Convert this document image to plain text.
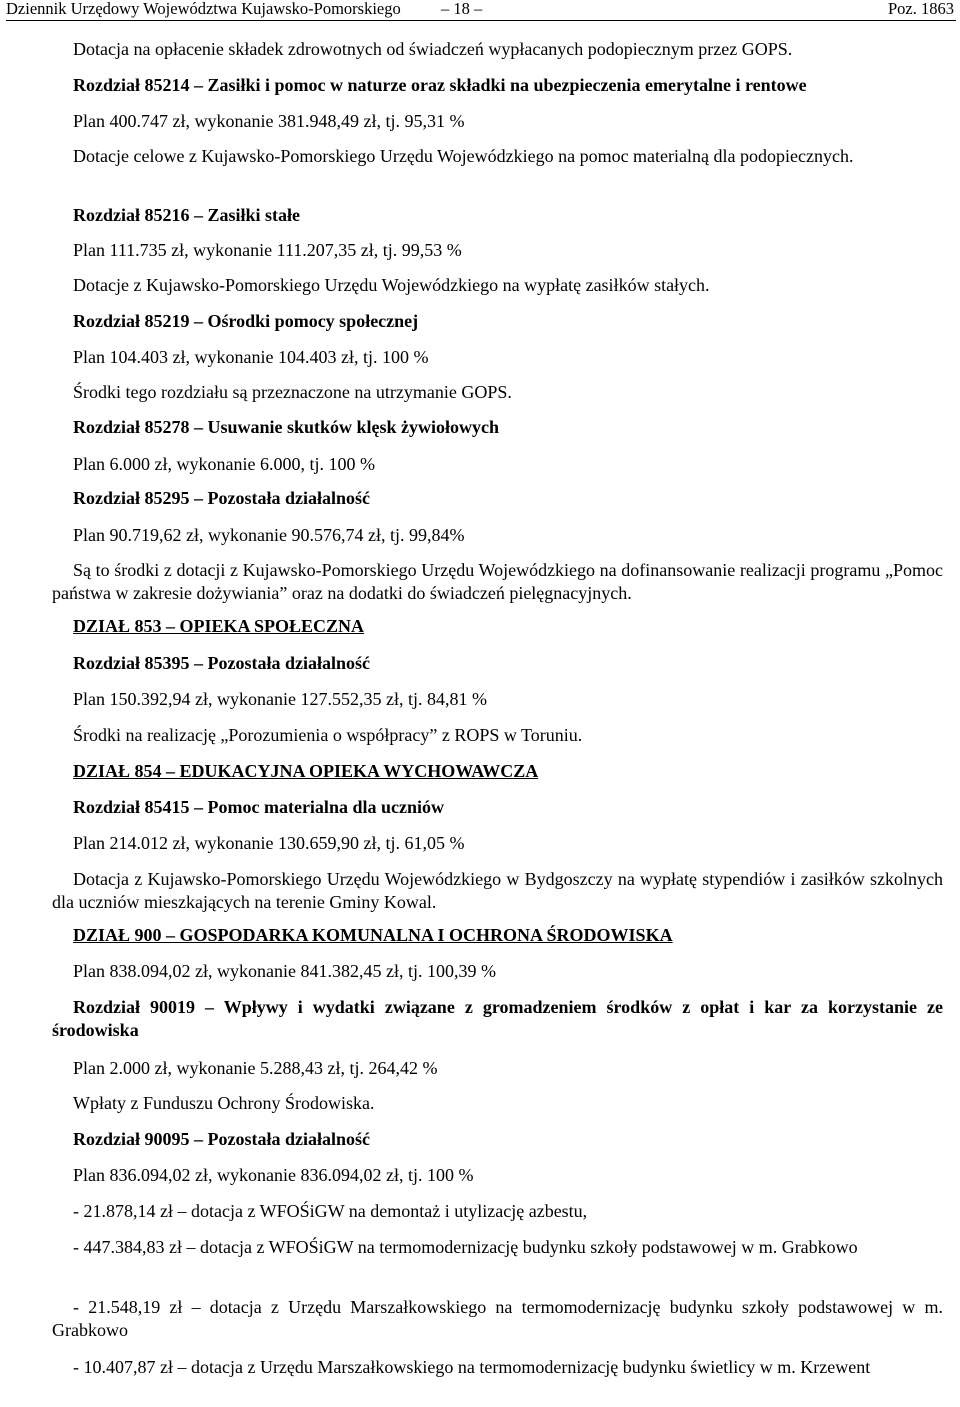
Dziennik Urzędowy Województwa Kujawsko-Pomorskiego – 18 –	Poz. 1863
Dotacja na opłacenie składek zdrowotnych od świadczeń wypłacanych podopiecznym przez GOPS.
Rozdział 85214 – Zasiłki i pomoc w naturze oraz składki na ubezpieczenia emerytalne i rentowe
Plan 400.747 zł, wykonanie 381.948,49 zł, tj. 95,31 %
Dotacje celowe z Kujawsko-Pomorskiego Urzędu Wojewódzkiego na pomoc materialną dla podopiecznych.
Rozdział 85216 – Zasiłki stałe
Plan 111.735 zł, wykonanie 111.207,35 zł, tj. 99,53 %
Dotacje z Kujawsko-Pomorskiego Urzędu Wojewódzkiego na wypłatę zasiłków stałych.
Rozdział 85219 – Ośrodki pomocy społecznej
Plan 104.403 zł, wykonanie 104.403 zł, tj. 100 %
Środki tego rozdziału są przeznaczone na utrzymanie GOPS.
Rozdział 85278 – Usuwanie skutków klęsk żywiołowych
Plan 6.000 zł, wykonanie 6.000, tj. 100 %
Rozdział 85295 – Pozostała działalność
Plan 90.719,62 zł, wykonanie 90.576,74 zł, tj. 99,84%
Są to środki z dotacji z Kujawsko-Pomorskiego Urzędu Wojewódzkiego na dofinansowanie realizacji programu „Pomoc państwa w zakresie dożywiania” oraz na dodatki do świadczeń pielęgnacyjnych.
DZIAŁ 853 – OPIEKA SPOŁECZNA
Rozdział 85395 – Pozostała działalność
Plan 150.392,94 zł, wykonanie 127.552,35 zł, tj. 84,81 %
Środki na realizację „Porozumienia o współpracy” z ROPS w Toruniu.
DZIAŁ 854 – EDUKACYJNA OPIEKA WYCHOWAWCZA
Rozdział 85415 – Pomoc materialna dla uczniów
Plan 214.012 zł, wykonanie 130.659,90 zł, tj. 61,05 %
Dotacja z Kujawsko-Pomorskiego Urzędu Wojewódzkiego w Bydgoszczy na wypłatę stypendiów i zasiłków szkolnych dla uczniów mieszkających na terenie Gminy Kowal.
DZIAŁ 900 – GOSPODARKA KOMUNALNA I OCHRONA ŚRODOWISKA
Plan 838.094,02 zł, wykonanie 841.382,45 zł, tj. 100,39 %
Rozdział 90019 – Wpływy i wydatki związane z gromadzeniem środków z opłat i kar za korzystanie ze środowiska
Plan 2.000 zł, wykonanie 5.288,43 zł, tj. 264,42 %
Wpłaty z Funduszu Ochrony Środowiska.
Rozdział 90095 – Pozostała działalność
Plan 836.094,02 zł, wykonanie 836.094,02 zł, tj. 100 %
- 21.878,14 zł – dotacja z WFOŚiGW na demontaż i utylizację azbestu,
- 447.384,83 zł – dotacja z WFOŚiGW na termomodernizację budynku szkoły podstawowej w m. Grabkowo
- 21.548,19 zł – dotacja z Urzędu Marszałkowskiego na termomodernizację budynku szkoły podstawowej w m. Grabkowo
- 10.407,87 zł – dotacja z Urzędu Marszałkowskiego na termomodernizację budynku świetlicy w m. Krzewent
